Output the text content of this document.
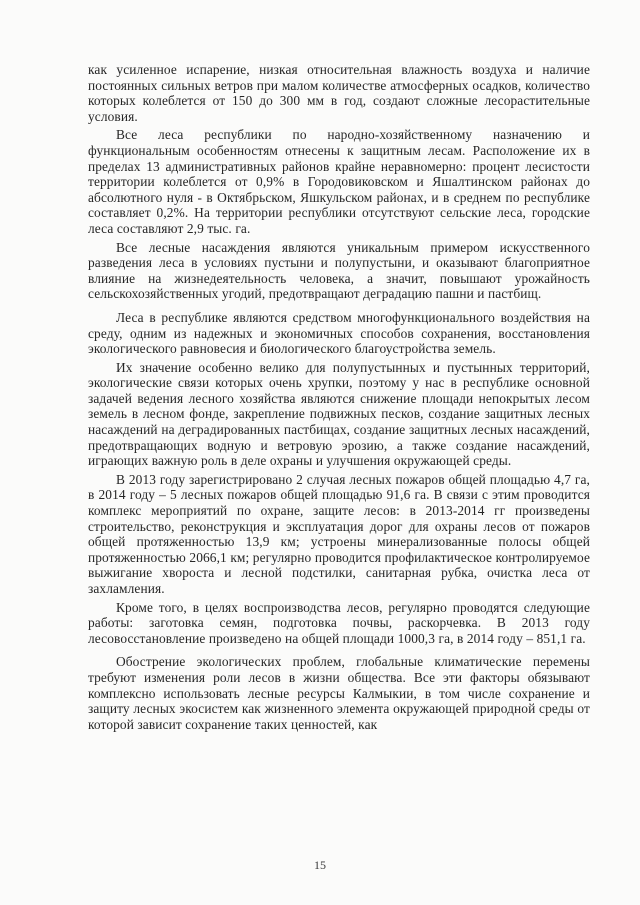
как усиленное испарение, низкая относительная влажность воздуха и наличие постоянных сильных ветров при малом количестве атмосферных осадков, количество которых колеблется от 150 до 300 мм в год, создают сложные лесорастительные условия.

Все леса республики по народно-хозяйственному назначению и функциональным особенностям отнесены к защитным лесам. Расположение их в пределах 13 административных районов крайне неравномерно: процент лесистости территории колеблется от 0,9% в Городовиковском и Яшалтинском районах до абсолютного нуля - в Октябрьском, Яшкульском районах, и в среднем по республике составляет 0,2%. На территории республики отсутствуют сельские леса, городские леса составляют 2,9 тыс. га.

Все лесные насаждения являются уникальным примером искусственного разведения леса в условиях пустыни и полупустыни, и оказывают благоприятное влияние на жизнедеятельность человека, а значит, повышают урожайность сельскохозяйственных угодий, предотвращают деградацию пашни и пастбищ.

Леса в республике являются средством многофункционального воздействия на среду, одним из надежных и экономичных способов сохранения, восстановления экологического равновесия и биологического благоустройства земель.

Их значение особенно велико для полупустынных и пустынных территорий, экологические связи которых очень хрупки, поэтому у нас в республике основной задачей ведения лесного хозяйства являются снижение площади непокрытых лесом земель в лесном фонде, закрепление подвижных песков, создание защитных лесных насаждений на деградированных пастбищах, создание защитных лесных насаждений, предотвращающих водную и ветровую эрозию, а также создание насаждений, играющих важную роль в деле охраны и улучшения окружающей среды.

В 2013 году зарегистрировано 2 случая лесных пожаров общей площадью 4,7 га, в 2014 году – 5 лесных пожаров общей площадью 91,6 га. В связи с этим проводится комплекс мероприятий по охране, защите лесов: в 2013-2014 гг произведены строительство, реконструкция и эксплуатация дорог для охраны лесов от пожаров общей протяженностью 13,9 км; устроены минерализованные полосы общей протяженностью 2066,1 км; регулярно проводится профилактическое контролируемое выжигание хвороста и лесной подстилки, санитарная рубка, очистка леса от захламления.

Кроме того, в целях воспроизводства лесов, регулярно проводятся следующие работы: заготовка семян, подготовка почвы, раскорчевка. В 2013 году лесовосстановление произведено на общей площади 1000,3 га, в 2014 году – 851,1 га.

Обострение экологических проблем, глобальные климатические перемены требуют изменения роли лесов в жизни общества. Все эти факторы обязывают комплексно использовать лесные ресурсы Калмыкии, в том числе сохранение и защиту лесных экосистем как жизненного элемента окружающей природной среды от которой зависит сохранение таких ценностей, как

15
